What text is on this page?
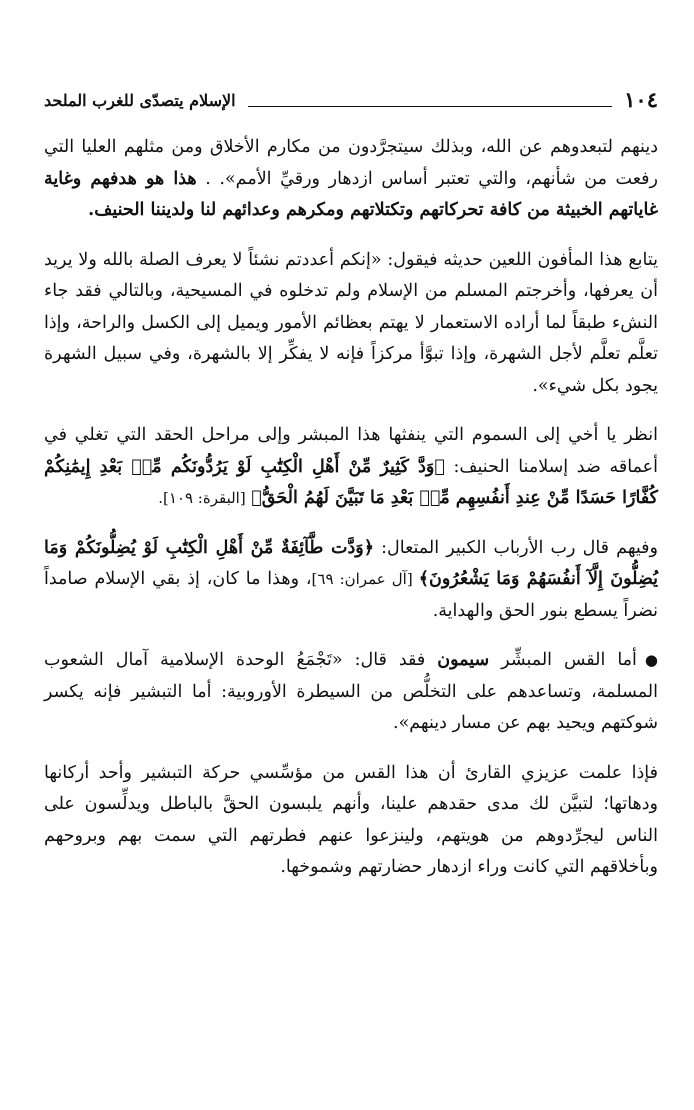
١٠٤
الإسلام يتصدّى للغرب الملحد

دينهم لتبعدوهم عن الله، وبذلك سيتجرَّدون من مكارم الأخلاق ومن مثلهم العليا التي رفعت من شأنهم، والتي تعتبر أساس ازدهار ورقيِّ الأمم». . هذا هو هدفهم وغاية غاياتهم الخبيثة من كافة تحركاتهم وتكتلاتهم ومكرهم وعدائهم لنا ولديننا الحنيف.

يتابع هذا المأفون اللعين حديثه فيقول: «إنكم أعددتم نشئاً لا يعرف الصلة بالله ولا يريد أن يعرفها، وأخرجتم المسلم من الإسلام ولم تدخلوه في المسيحية، وبالتالي فقد جاء النشء طبقاً لما أراده الاستعمار لا يهتم بعظائم الأمور ويميل إلى الكسل والراحة، وإذا تعلَّم تعلَّم لأجل الشهرة، وإذا تبوَّأ مركزاً فإنه لا يفكِّر إلا بالشهرة، وفي سبيل الشهرة يجود بكل شيء».

انظر يا أخي إلى السموم التي ينفثها هذا المبشر وإلى مراحل الحقد التي تغلي في أعماقه ضد إسلامنا الحنيف: ﴿وَدَّ كَثِيرٌ مِّنْ أَهْلِ الْكِتَٰبِ لَوْ يَرُدُّونَكُم مِّنۢ بَعْدِ إِيمَٰنِكُمْ كُفَّارًا حَسَدًا مِّنْ عِندِ أَنفُسِهِم مِّنۢ بَعْدِ مَا تَبَيَّنَ لَهُمُ الْحَقُّ﴾ [البقرة: ١٠٩].

وفيهم قال رب الأرباب الكبير المتعال: ﴿وَدَّت طَّآئِفَةٌ مِّنْ أَهْلِ الْكِتَٰبِ لَوْ يُضِلُّونَكُمْ وَمَا يُضِلُّونَ إِلَّآ أَنفُسَهُمْ وَمَا يَشْعُرُونَ﴾ [آل عمران: ٦٩]، وهذا ما كان، إذ بقي الإسلام صامداً نضراً يسطع بنور الحق والهداية.

●أما القس المبشِّر سيمون فقد قال: «تَجْمَعُ الوحدة الإسلامية آمال الشعوب المسلمة، وتساعدهم على التخلُّص من السيطرة الأوروبية: أما التبشير فإنه يكسر شوكتهم ويحيد بهم عن مسار دينهم».

فإذا علمت عزيزي القارئ أن هذا القس من مؤسِّسي حركة التبشير وأحد أركانها ودهاتها؛ لتبيَّن لك مدى حقدهم علينا، وأنهم يلبسون الحقَّ بالباطل ويدلِّسون على الناس ليجرِّدوهم من هويتهم، ولينزعوا عنهم فطرتهم التي سمت بهم وبروحهم وبأخلاقهم التي كانت وراء ازدهار حضارتهم وشموخها.
